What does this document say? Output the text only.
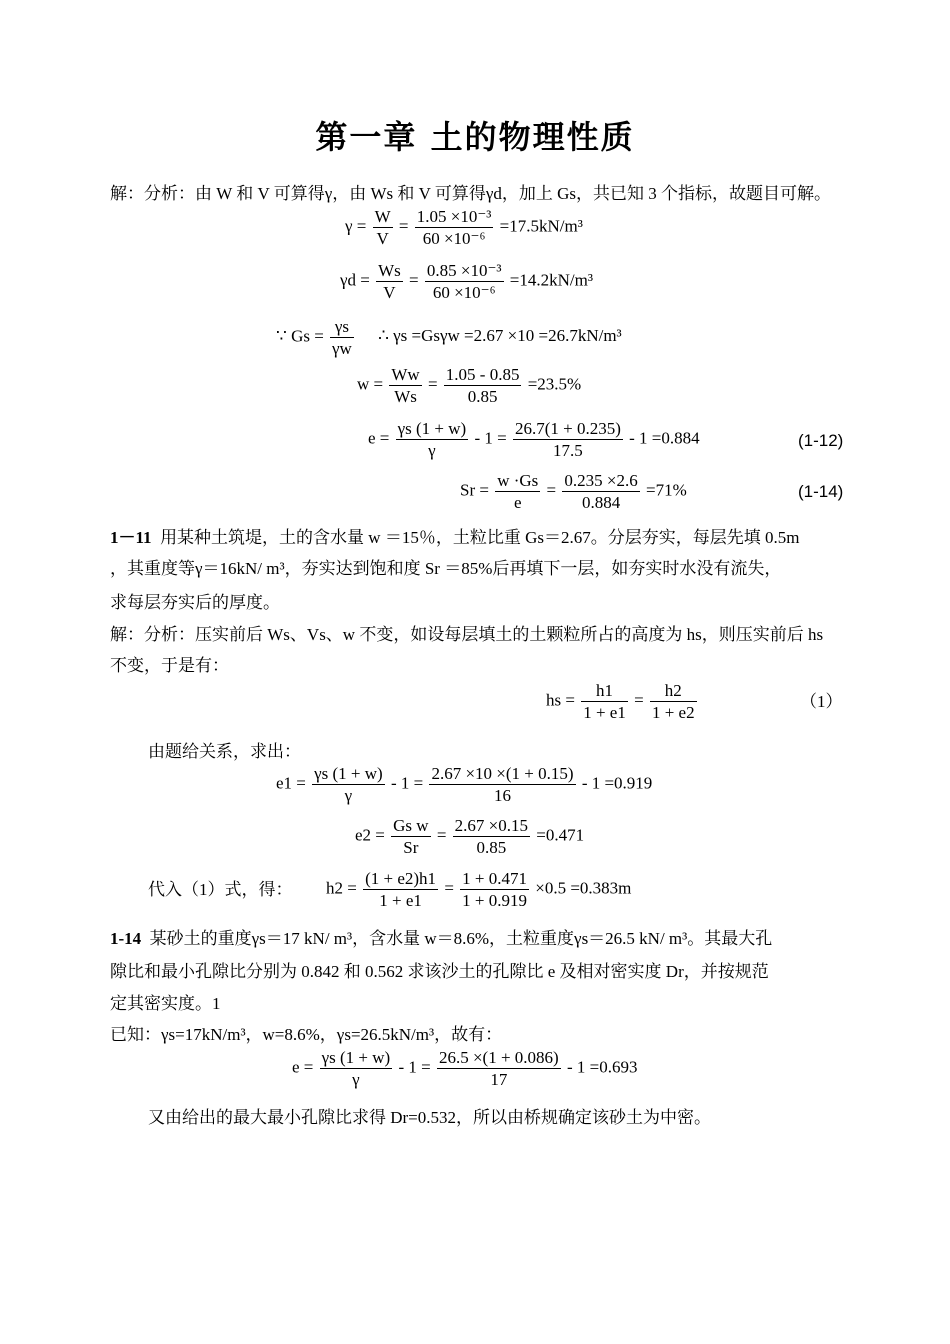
第一章 土的物理性质
解：分析：由 W 和 V 可算得γ，由 Ws 和 V 可算得γd，加上 Gs，共已知 3 个指标，故题目可解。
$\gamma = \frac{W}{V} = \frac{\text{1.05 ×10⁻³}}{\text{60 ×10⁻⁶}} =17.5kN/m^3$
$\gamma d = \frac{Ws}{V} = \frac{\text{0.85 ×10⁻³}}{\text{60 ×10⁻⁶}} =14.2kN/m^3$
∵ $Gs = \frac{\gamma s}{\gamma w}$ ∴ γs =Gsγw =2.67 ×10 =26.7kN/m³
$w = \frac{Ww}{Ws} = \frac{1.05 - 0.85}{0.85} =23.5\%$
$e = \frac{\gamma s (1 + w)}{\gamma} - 1 = \frac{26.7(1 + 0.235)}{17.5} - 1 =0.884$	(1-12)
$Sr = \frac{w \cdot Gs}{e} = \frac{0.235 \times 2.6}{0.884} =71\%$	(1-14)
1－11 用某种土筑堤，土的含水量 w ＝15％，土粒比重 Gs＝2.67。分层夯实，每层先填 0.5m
，其重度等γ＝16kN/ m³，夯实达到饱和度 Sr ＝85%后再填下一层，如夯实时水没有流失，
求每层夯实后的厚度。
解：分析：压实前后 Ws、Vs、w 不变，如设每层填土的土颗粒所占的高度为 hs，则压实前后 hs
不变，于是有：
hs = $\frac{h1}{1 + e1} = \frac{h2}{1 + e2}$	（1）
由题给关系，求出：
$e1 = \frac{\gamma s (1 + w)}{\gamma} - 1 = \frac{2.67 \times 10 \times(1 + 0.15)}{16} - 1 =0.919$
$e2 = \frac{\text{Gs w}}{Sr} = \frac{2.67 \times 0.15}{0.85} =0.471$
代入（1）式，得： $h2 = \frac{(1 + e2)h1}{1 + e1} = \frac{1 + 0.471}{1 + 0.919} \times 0.5 =0.383m$
1-14 某砂土的重度γs＝17 kN/ m³，含水量 w＝8.6%，土粒重度γs＝26.5 kN/ m³。其最大孔
隙比和最小孔隙比分别为 0.842 和 0.562 求该沙土的孔隙比 e 及相对密实度 Dr，并按规范
定其密实度。1
已知：γs=17kN/m³，w=8.6%，γs=26.5kN/m³，故有：
$e = \frac{\gamma s (1 + w)}{\gamma} - 1 = \frac{26.5 \times(1 + 0.086)}{17} - 1 =0.693$
又由给出的最大最小孔隙比求得 Dr=0.532，所以由桥规确定该砂土为中密。
